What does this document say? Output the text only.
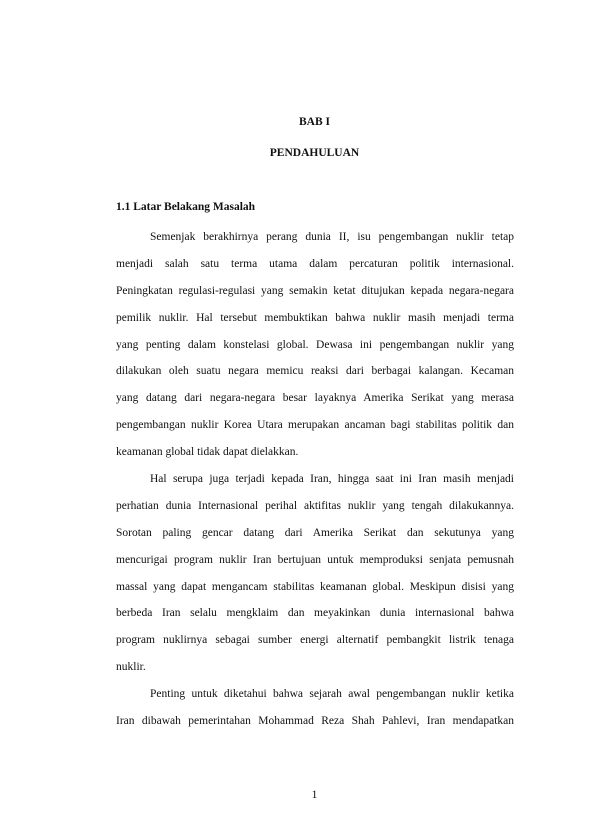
BAB I
PENDAHULUAN
1.1 Latar Belakang Masalah

Semenjak berakhirnya perang dunia II, isu pengembangan nuklir tetap
menjadi salah satu terma utama dalam percaturan politik internasional.
Peningkatan regulasi-regulasi yang semakin ketat ditujukan kepada negara-negara
pemilik nuklir. Hal tersebut membuktikan bahwa nuklir masih menjadi terma
yang penting dalam konstelasi global. Dewasa ini pengembangan nuklir yang
dilakukan oleh suatu negara memicu reaksi dari berbagai kalangan. Kecaman
yang datang dari negara-negara besar layaknya Amerika Serikat yang merasa
pengembangan nuklir Korea Utara merupakan ancaman bagi stabilitas politik dan
keamanan global tidak dapat dielakkan.

Hal serupa juga terjadi kepada Iran, hingga saat ini Iran masih menjadi
perhatian dunia Internasional perihal aktifitas nuklir yang tengah dilakukannya.
Sorotan paling gencar datang dari Amerika Serikat dan sekutunya yang
mencurigai program nuklir Iran bertujuan untuk memproduksi senjata pemusnah
massal yang dapat mengancam stabilitas keamanan global. Meskipun disisi yang
berbeda Iran selalu mengklaim dan meyakinkan dunia internasional bahwa
program nuklirnya sebagai sumber energi alternatif pembangkit listrik tenaga
nuklir.

Penting untuk diketahui bahwa sejarah awal pengembangan nuklir ketika
Iran dibawah pemerintahan Mohammad Reza Shah Pahlevi, Iran mendapatkan

1
